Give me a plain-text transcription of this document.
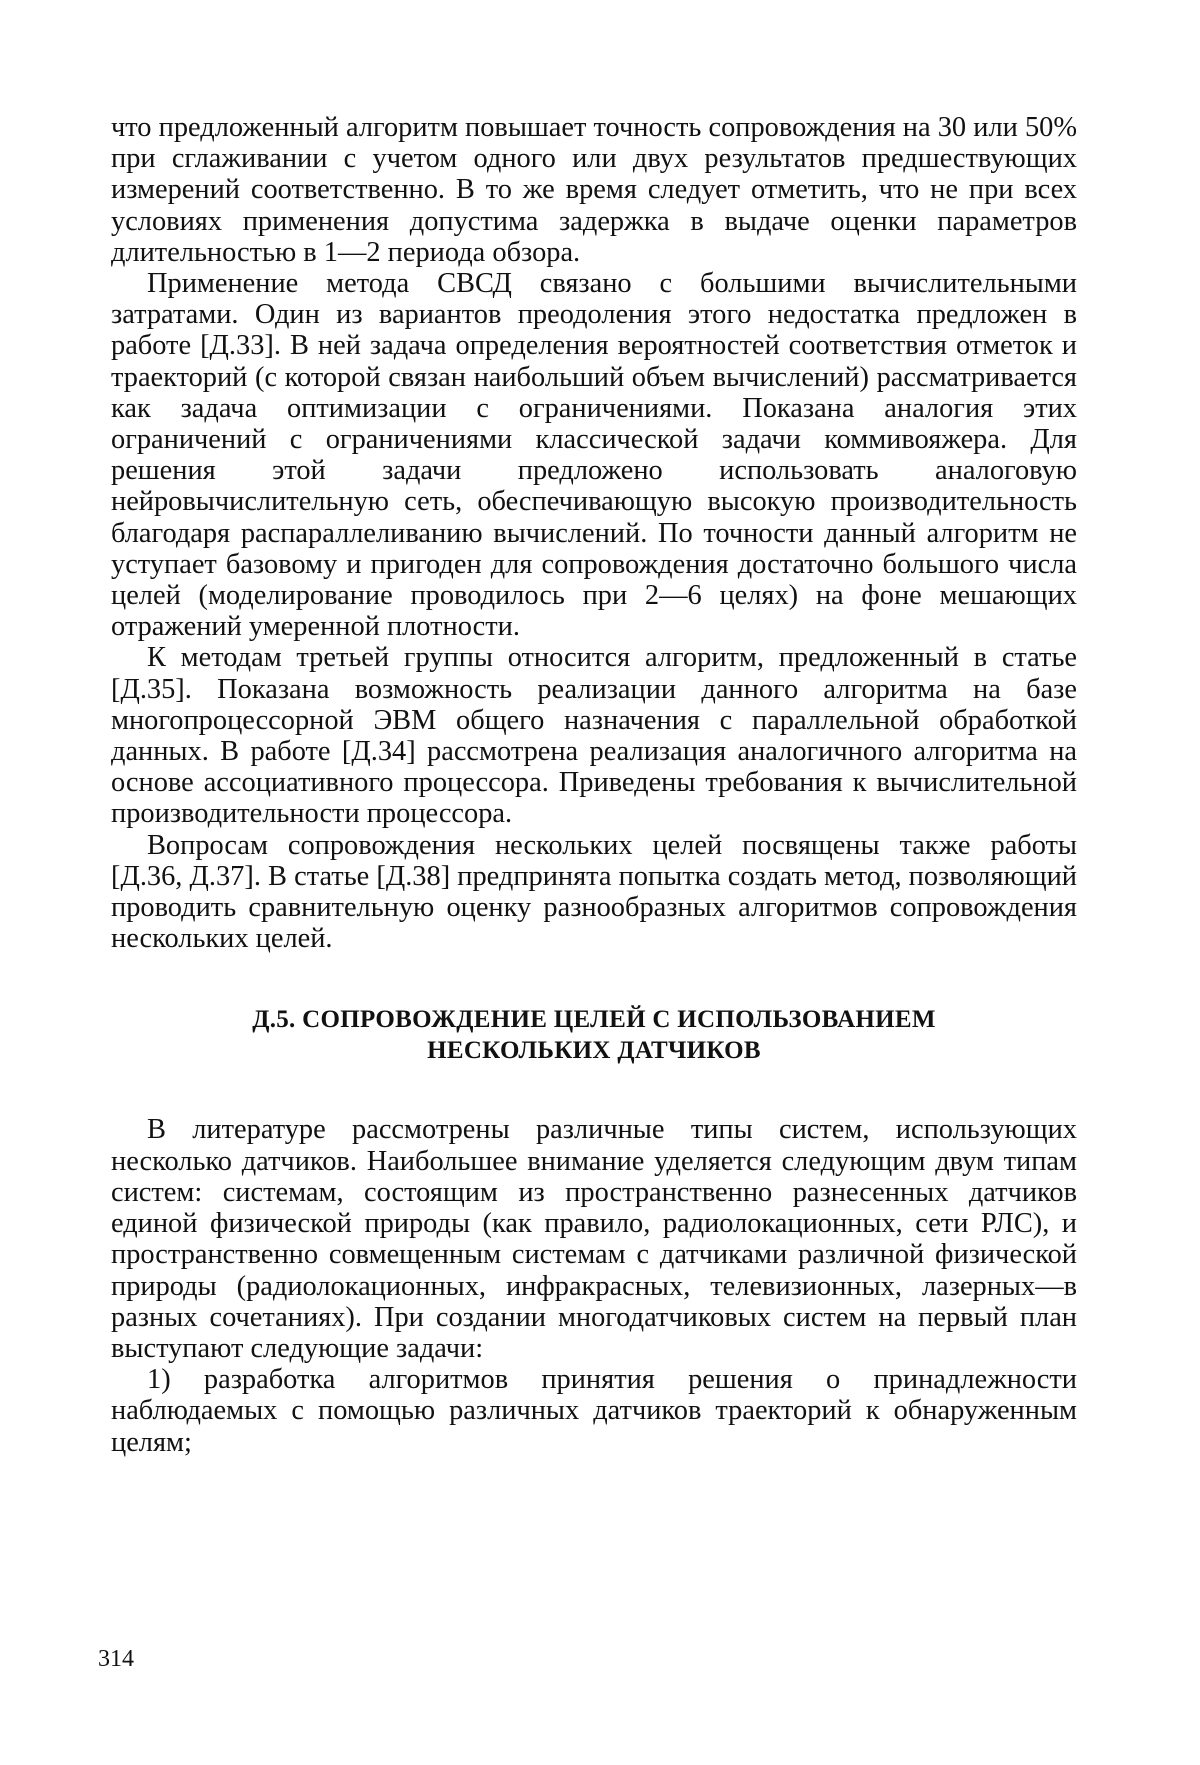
что предложенный алгоритм повышает точность сопровождения на 30 или 50% при сглаживании с учетом одного или двух результатов предшествующих измерений соответственно. В то же время следует отметить, что не при всех условиях применения допустима задержка в выдаче оценки параметров длительностью в 1—2 периода обзора.

Применение метода СВСД связано с большими вычислительными затратами. Один из вариантов преодоления этого недостатка предложен в работе [Д.33]. В ней задача определения вероятностей соответствия отметок и траекторий (с которой связан наибольший объем вычислений) рассматривается как задача оптимизации с ограничениями. Показана аналогия этих ограничений с ограничениями классической задачи коммивояжера. Для решения этой задачи предложено использовать аналоговую нейровычислительную сеть, обеспечивающую высокую производительность благодаря распараллеливанию вычислений. По точности данный алгоритм не уступает базовому и пригоден для сопровождения достаточно большого числа целей (моделирование проводилось при 2—6 целях) на фоне мешающих отражений умеренной плотности.

К методам третьей группы относится алгоритм, предложенный в статье [Д.35]. Показана возможность реализации данного алгоритма на базе многопроцессорной ЭВМ общего назначения с параллельной обработкой данных. В работе [Д.34] рассмотрена реализация аналогичного алгоритма на основе ассоциативного процессора. Приведены требования к вычислительной производительности процессора.

Вопросам сопровождения нескольких целей посвящены также работы [Д.36, Д.37]. В статье [Д.38] предпринята попытка создать метод, позволяющий проводить сравнительную оценку разнообразных алгоритмов сопровождения нескольких целей.

Д.5. СОПРОВОЖДЕНИЕ ЦЕЛЕЙ С ИСПОЛЬЗОВАНИЕМ
НЕСКОЛЬКИХ ДАТЧИКОВ

В литературе рассмотрены различные типы систем, использующих несколько датчиков. Наибольшее внимание уделяется следующим двум типам систем: системам, состоящим из пространственно разнесенных датчиков единой физической природы (как правило, радиолокационных, сети РЛС), и пространственно совмещенным системам с датчиками различной физической природы (радиолокационных, инфракрасных, телевизионных, лазерных—в разных сочетаниях). При создании многодатчиковых систем на первый план выступают следующие задачи:

1) разработка алгоритмов принятия решения о принадлежности наблюдаемых с помощью различных датчиков траекторий к обнаруженным целям;

314
